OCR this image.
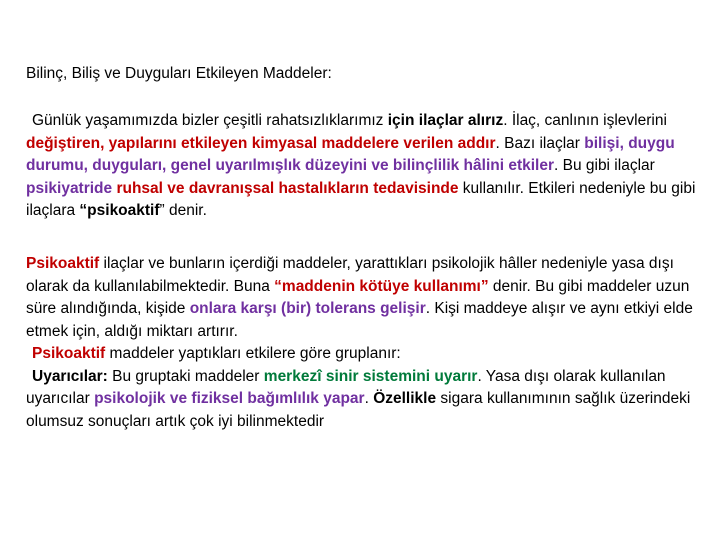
Bilinç, Biliş ve Duyguları Etkileyen Maddeler:
Günlük yaşamımızda bizler çeşitli rahatsızlıklarımız için ilaçlar alırız. İlaç, canlının işlevlerini değiştiren, yapılarını etkileyen kimyasal maddelere verilen addır. Bazı ilaçlar bilişi, duygu durumu, duyguları, genel uyarılmışlık düzeyini ve bilinçlilik hâlini etkiler. Bu gibi ilaçlar psikiyatride ruhsal ve davranışsal hastalıkların tedavisinde kullanılır. Etkileri nedeniyle bu gibi ilaçlara “psikoaktif” denir.
Psikoaktif ilaçlar ve bunların içerdiği maddeler, yarattıkları psikolojik hâller nedeniyle yasa dışı olarak da kullanılabilmektedir. Buna “maddenin kötüye kullanımı” denir. Bu gibi maddeler uzun süre alındığında, kişide onlara karşı (bir) tolerans gelişir. Kişi maddeye alışır ve aynı etkiyi elde etmek için, aldığı miktarı artırır.
Psikoaktif maddeler yaptıkları etkilere göre gruplanır:
Uyarıcılar: Bu gruptaki maddeler merkezî sinir sistemini uyarır. Yasa dışı olarak kullanılan uyarıcılar psikolojik ve fiziksel bağımlılık yapar. Özellikle sigara kullanımının sağlık üzerindeki olumsuz sonuçları artık çok iyi bilinmektedir
